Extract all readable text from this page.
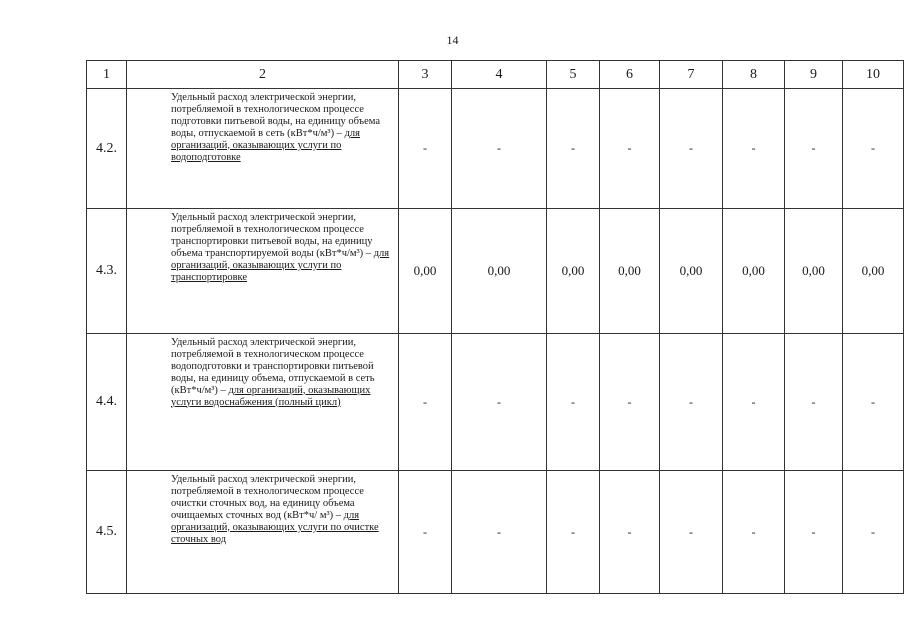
14
1	2	3	4	5	6	7	8	9	10
4.2.	Удельный расход электрической энергии, потребляемой в технологическом процессе подготовки питьевой воды, на единицу объема воды, отпускаемой в сеть (кВт*ч/м³) – для организаций, оказывающих услуги по водоподготовке	-	-	-	-	-	-	-	-
4.3.	Удельный расход электрической энергии, потребляемой в технологическом процессе транспортировки питьевой воды, на единицу объема транспортируемой воды (кВт*ч/м³) – для организаций, оказывающих услуги по транспортировке	0,00	0,00	0,00	0,00	0,00	0,00	0,00	0,00
4.4.	Удельный расход электрической энергии, потребляемой в технологическом процессе водоподготовки и транспортировки питьевой воды, на единицу объема, отпускаемой в сеть (кВт*ч/м³) – для организаций, оказывающих услуги водоснабжения (полный цикл)	-	-	-	-	-	-	-	-
4.5.	Удельный расход электрической энергии, потребляемой в технологическом процессе очистки сточных вод, на единицу объема очищаемых сточных вод (кВт*ч/ м³) – для организаций, оказывающих услуги по очистке сточных вод	-	-	-	-	-	-	-	-
